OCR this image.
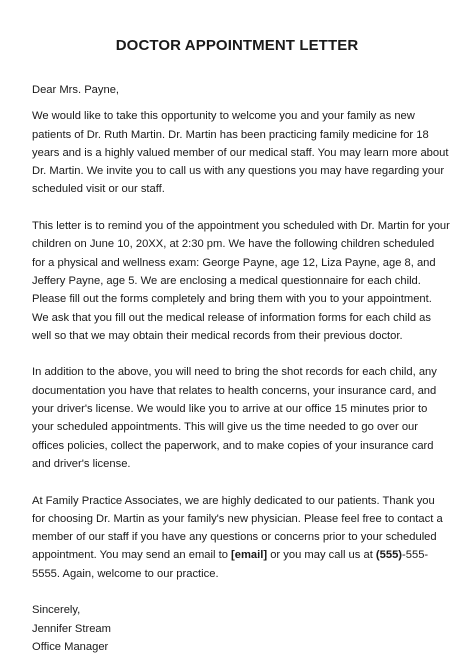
DOCTOR APPOINTMENT LETTER

Dear Mrs. Payne,

We would like to take this opportunity to welcome you and your family as new patients of Dr. Ruth Martin. Dr. Martin has been practicing family medicine for 18 years and is a highly valued member of our medical staff. You may learn more about Dr. Martin. We invite you to call us with any questions you may have regarding your scheduled visit or our staff.

This letter is to remind you of the appointment you scheduled with Dr. Martin for your children on June 10, 20XX, at 2:30 pm. We have the following children scheduled for a physical and wellness exam: George Payne, age 12, Liza Payne, age 8, and Jeffery Payne, age 5. We are enclosing a medical questionnaire for each child. Please fill out the forms completely and bring them with you to your appointment. We ask that you fill out the medical release of information forms for each child as well so that we may obtain their medical records from their previous doctor.

In addition to the above, you will need to bring the shot records for each child, any documentation you have that relates to health concerns, your insurance card, and your driver's license. We would like you to arrive at our office 15 minutes prior to your scheduled appointments. This will give us the time needed to go over our offices policies, collect the paperwork, and to make copies of your insurance card and driver's license.

At Family Practice Associates, we are highly dedicated to our patients. Thank you for choosing Dr. Martin as your family's new physician. Please feel free to contact a member of our staff if you have any questions or concerns prior to your scheduled appointment. You may send an email to [email] or you may call us at (555)-555-5555. Again, welcome to our practice.

Sincerely,
Jennifer Stream
Office Manager
